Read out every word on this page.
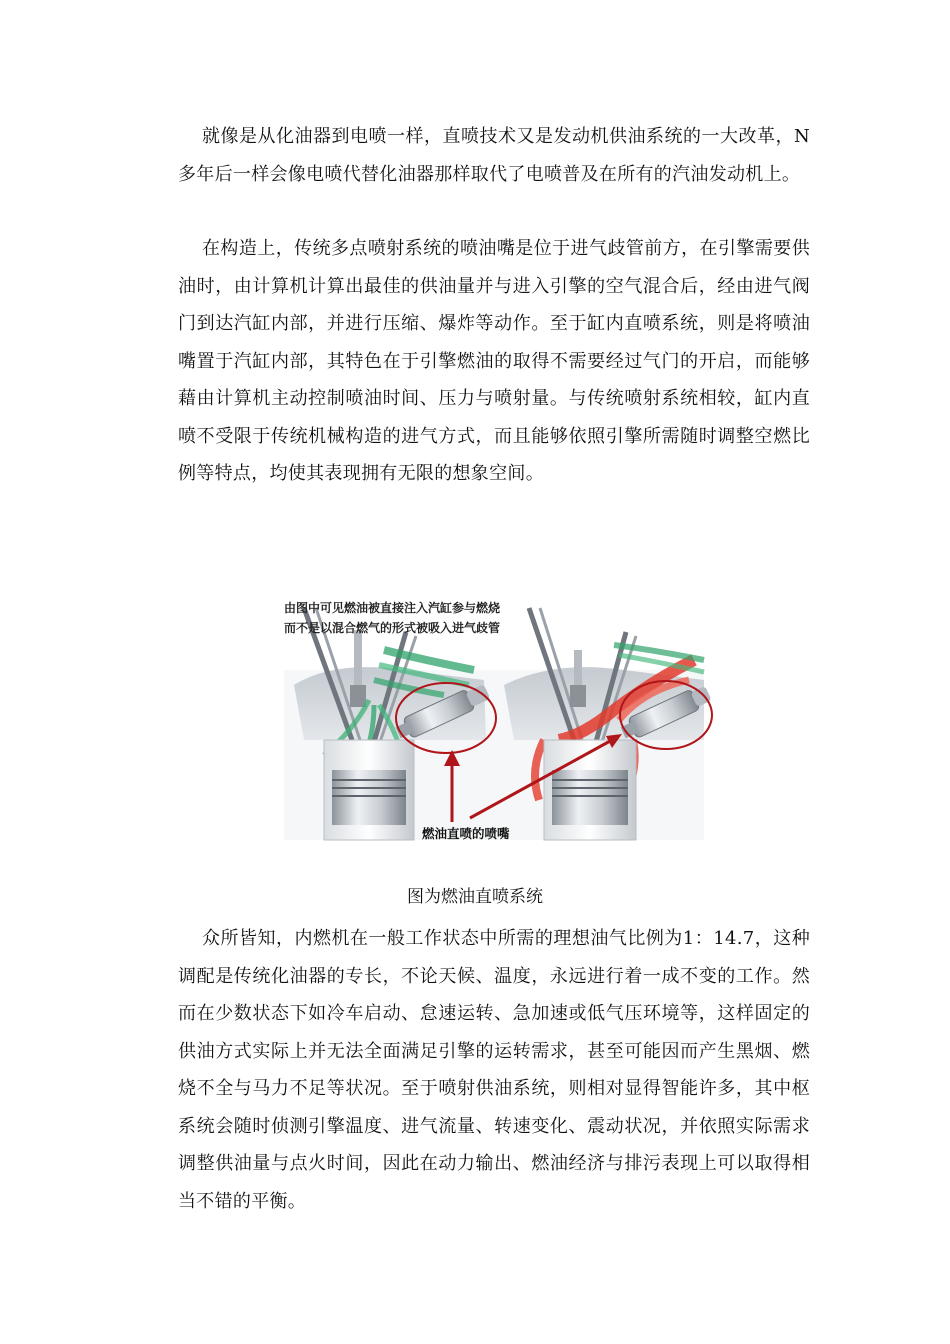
就像是从化油器到电喷一样，直喷技术又是发动机供油系统的一大改革，N多年后一样会像电喷代替化油器那样取代了电喷普及在所有的汽油发动机上。

在构造上，传统多点喷射系统的喷油嘴是位于进气歧管前方，在引擎需要供油时，由计算机计算出最佳的供油量并与进入引擎的空气混合后，经由进气阀门到达汽缸内部，并进行压缩、爆炸等动作。至于缸内直喷系统，则是将喷油嘴置于汽缸内部，其特色在于引擎燃油的取得不需要经过气门的开启，而能够藉由计算机主动控制喷油时间、压力与喷射量。与传统喷射系统相较，缸内直喷不受限于传统机械构造的进气方式，而且能够依照引擎所需随时调整空燃比例等特点，均使其表现拥有无限的想象空间。

由图中可见燃油被直接注入汽缸参与燃烧
而不是以混合燃气的形式被吸入进气歧管
燃油直喷的喷嘴
图为燃油直喷系统

众所皆知，内燃机在一般工作状态中所需的理想油气比例为1：14.7，这种调配是传统化油器的专长，不论天候、温度，永远进行着一成不变的工作。然而在少数状态下如冷车启动、怠速运转、急加速或低气压环境等，这样固定的供油方式实际上并无法全面满足引擎的运转需求，甚至可能因而产生黑烟、燃烧不全与马力不足等状况。至于喷射供油系统，则相对显得智能许多，其中枢系统会随时侦测引擎温度、进气流量、转速变化、震动状况，并依照实际需求调整供油量与点火时间，因此在动力输出、燃油经济与排污表现上可以取得相当不错的平衡。
